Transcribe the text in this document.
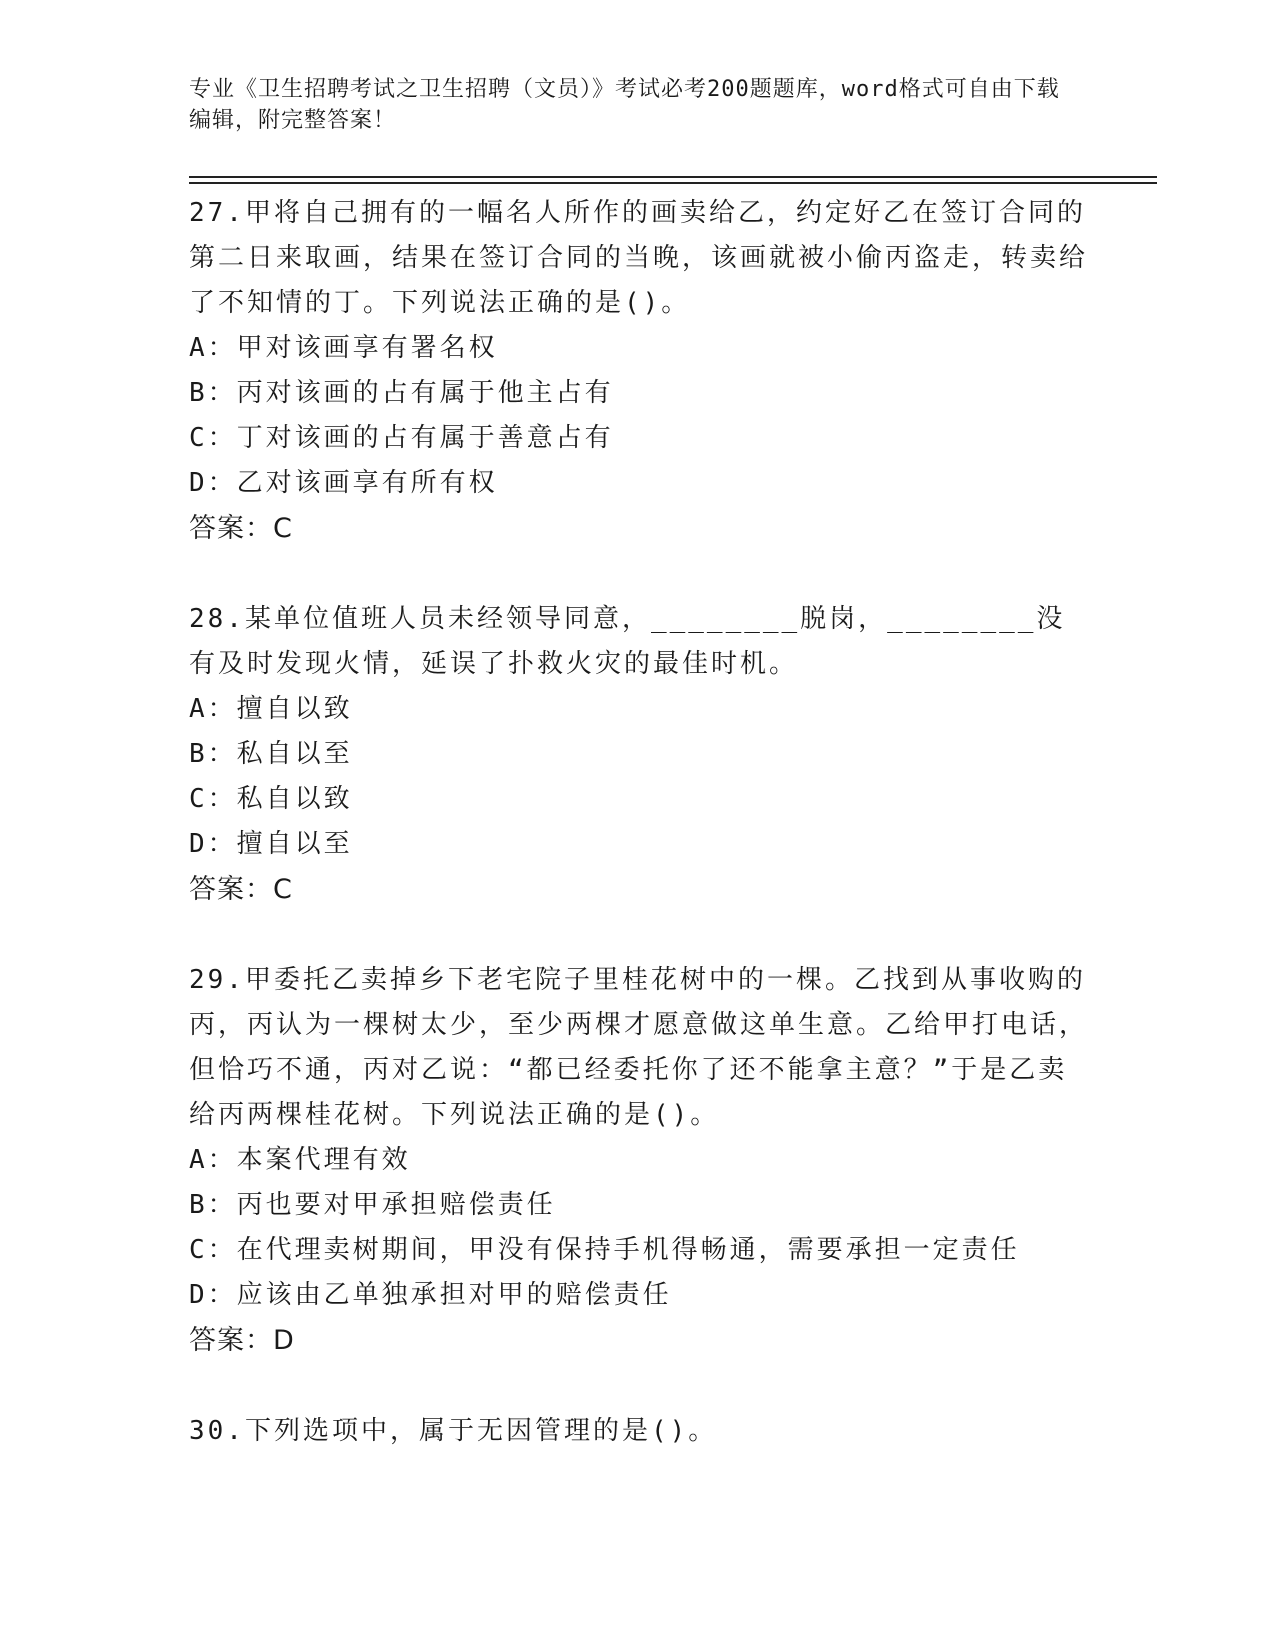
专业《卫生招聘考试之卫生招聘（文员）》考试必考200题题库，word格式可自由下载编辑，附完整答案！
27.甲将自己拥有的一幅名人所作的画卖给乙，约定好乙在签订合同的第二日来取画，结果在签订合同的当晚，该画就被小偷丙盗走，转卖给了不知情的丁。下列说法正确的是()。
A：甲对该画享有署名权
B：丙对该画的占有属于他主占有
C：丁对该画的占有属于善意占有
D：乙对该画享有所有权
答案：C
28.某单位值班人员未经领导同意，________脱岗，________没有及时发现火情，延误了扑救火灾的最佳时机。
A：擅自以致
B：私自以至
C：私自以致
D：擅自以至
答案：C
29.甲委托乙卖掉乡下老宅院子里桂花树中的一棵。乙找到从事收购的丙，丙认为一棵树太少，至少两棵才愿意做这单生意。乙给甲打电话，但恰巧不通，丙对乙说：“都已经委托你了还不能拿主意？”于是乙卖给丙两棵桂花树。下列说法正确的是()。
A：本案代理有效
B：丙也要对甲承担赔偿责任
C：在代理卖树期间，甲没有保持手机得畅通，需要承担一定责任
D：应该由乙单独承担对甲的赔偿责任
答案：D
30.下列选项中，属于无因管理的是()。
